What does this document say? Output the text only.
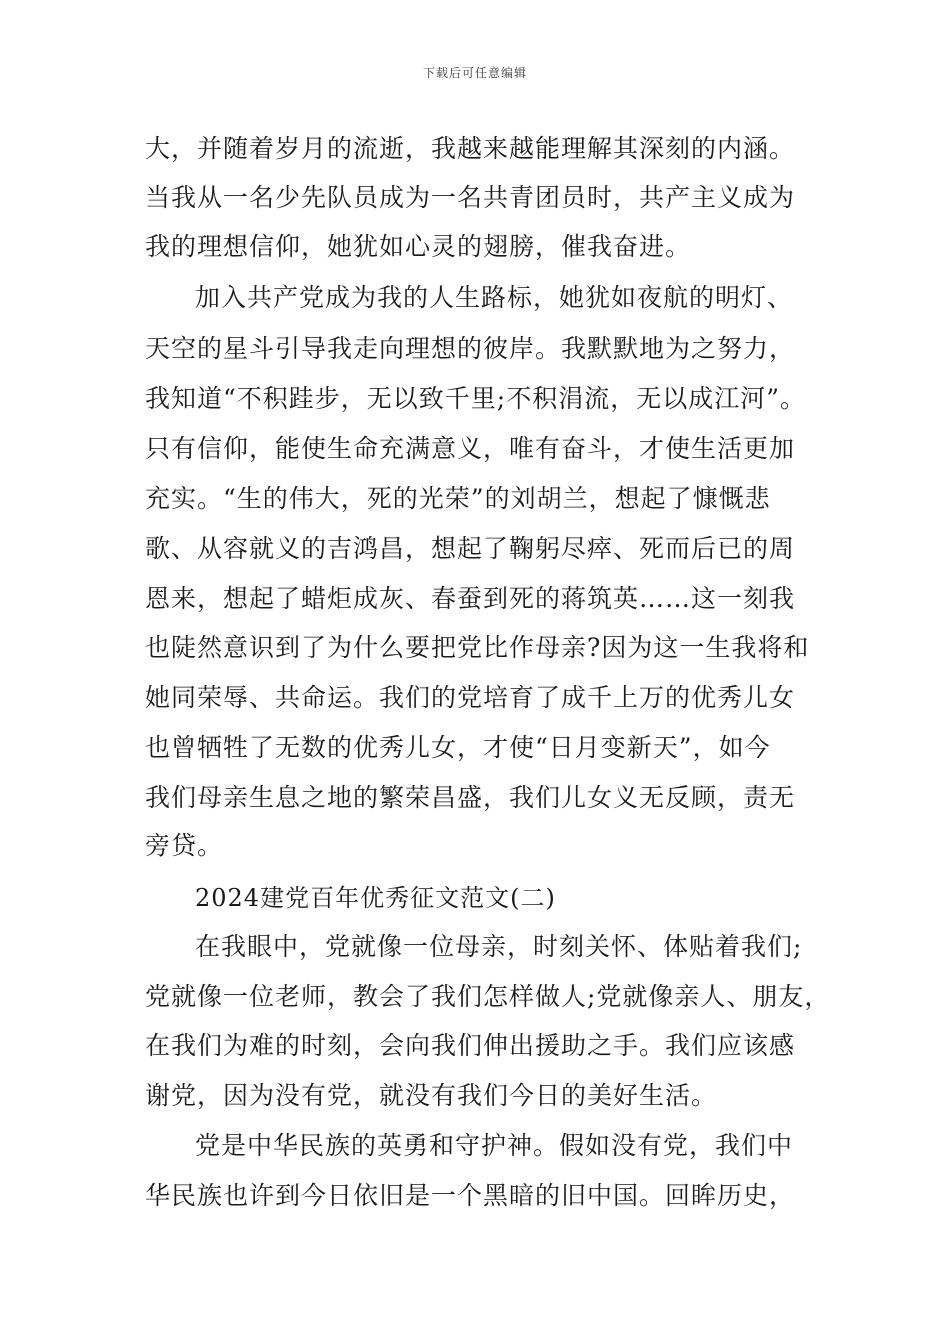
下载后可任意编辑
大，并随着岁月的流逝，我越来越能理解其深刻的内涵。
当我从一名少先队员成为一名共青团员时，共产主义成为
我的理想信仰，她犹如心灵的翅膀，催我奋进。
加入共产党成为我的人生路标，她犹如夜航的明灯、
天空的星斗引导我走向理想的彼岸。我默默地为之努力，
我知道“不积跬步，无以致千里;不积涓流，无以成江河”。
只有信仰，能使生命充满意义，唯有奋斗，才使生活更加
充实。“生的伟大，死的光荣”的刘胡兰，想起了慷慨悲
歌、从容就义的吉鸿昌，想起了鞠躬尽瘁、死而后已的周
恩来，想起了蜡炬成灰、春蚕到死的蒋筑英……这一刻我
也陡然意识到了为什么要把党比作母亲?因为这一生我将和
她同荣辱、共命运。我们的党培育了成千上万的优秀儿女
也曾牺牲了无数的优秀儿女，才使“日月变新天”，如今
我们母亲生息之地的繁荣昌盛，我们儿女义无反顾，责无
旁贷。
2024建党百年优秀征文范文(二)
在我眼中，党就像一位母亲，时刻关怀、体贴着我们;
党就像一位老师，教会了我们怎样做人;党就像亲人、朋友，
在我们为难的时刻，会向我们伸出援助之手。我们应该感
谢党，因为没有党，就没有我们今日的美好生活。
党是中华民族的英勇和守护神。假如没有党，我们中
华民族也许到今日依旧是一个黑暗的旧中国。回眸历史，
